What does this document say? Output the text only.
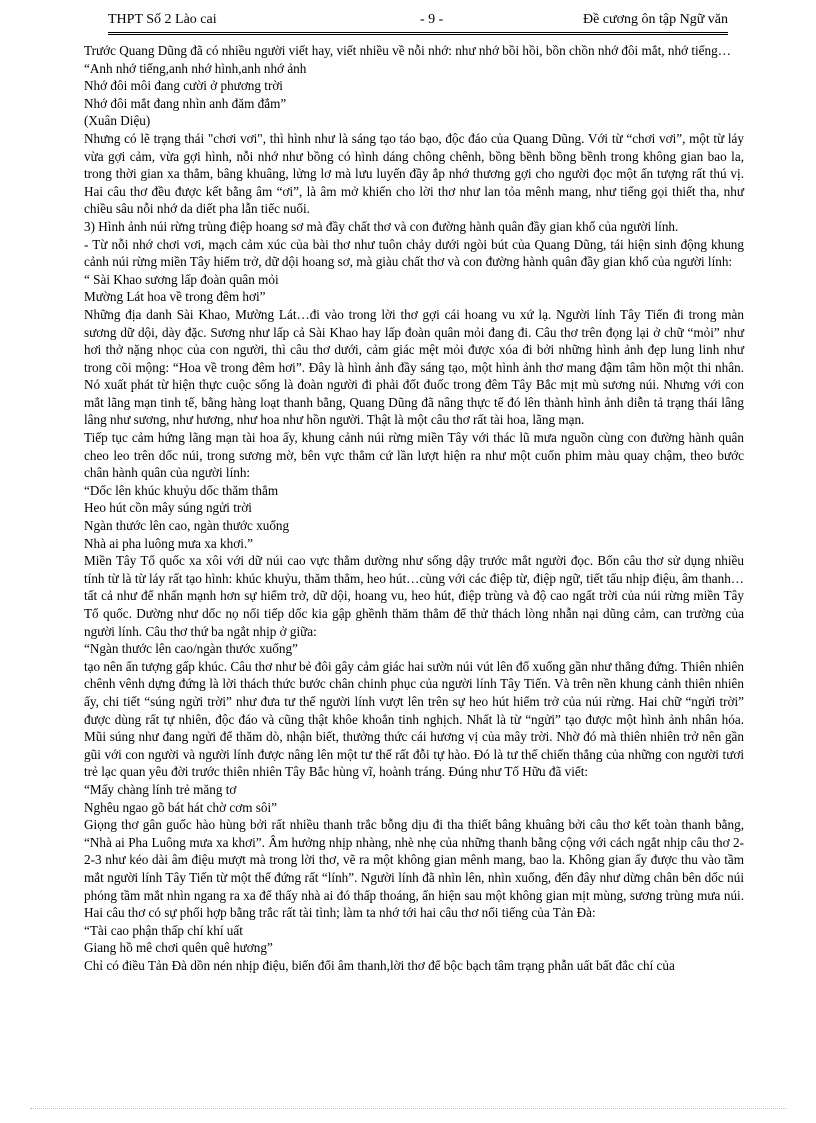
THPT Số 2 Lào cai	- 9 -	Đề cương ôn tập Ngữ văn

Trước Quang Dũng đã có nhiều người viết hay, viết nhiều về nỗi nhớ: như nhớ bồi hồi, bồn chồn nhớ đôi mắt, nhớ tiếng…

“Anh nhớ tiếng,anh nhớ hình,anh nhớ ảnh

Nhớ đôi môi đang cười ở phương trời

Nhớ đôi mắt đang nhìn anh đăm đắm”

(Xuân Diệu)

Nhưng có lẽ trạng thái "chơi vơi", thì hình như là sáng tạo táo bạo, độc đáo của Quang Dũng. Với từ “chơi vơi”, một từ láy vừa gợi cảm, vừa gợi hình, nỗi nhớ như bồng có hình dáng chông chênh, bồng bềnh bồng bềnh trong không gian bao la, trong thời gian xa thẳm, bâng khuâng, lửng lơ mà lưu luyến đầy ắp nhớ thương gợi cho người đọc một ấn tượng rất thú vị. Hai câu thơ đều được kết bằng âm “ơi”, là âm mở khiến cho lời thơ như lan tỏa mênh mang, như tiếng gọi thiết tha, như chiều sâu nỗi nhớ da diết pha lẫn tiếc nuối.

3) Hình ảnh núi rừng trùng điệp hoang sơ mà đầy chất thơ và con đường hành quân đầy gian khổ của người lính.

- Từ nỗi nhớ chơi vơi, mạch cảm xúc của bài thơ như tuôn chảy dưới ngòi bút của Quang Dũng, tái hiện sinh động khung cảnh núi rừng miền Tây hiểm trở, dữ dội hoang sơ, mà giàu chất thơ và con đường hành quân đầy gian khổ của người lính:

“ Sài Khao sương lấp đoàn quân mỏi

Mường Lát hoa về trong đêm hơi”

Những địa danh Sài Khao, Mường Lát…đi vào trong lời thơ gợi cái hoang vu xứ lạ. Người lính Tây Tiến đi trong màn sương dữ dội, dày đặc. Sương như lấp cả Sài Khao hay lấp đoàn quân mỏi đang đi. Câu thơ trên đọng lại ở chữ “mỏi” như hơi thở nặng nhọc của con người, thì câu thơ dưới, cảm giác mệt mỏi được xóa đi bởi những hình ảnh đẹp lung linh như trong cõi mộng: “Hoa về trong đêm hơi”. Đây là hình ảnh đầy sáng tạo, một hình ảnh thơ mang đậm tâm hồn một thi nhân. Nó xuất phát từ hiện thực cuộc sống là đoàn người đi phải đốt đuốc trong đêm Tây Bắc mịt mù sương núi. Nhưng với con mắt lãng mạn tinh tế, bằng hàng loạt thanh bằng, Quang Dũng đã nâng thực tế đó lên thành hình ảnh diễn tả trạng thái lâng lâng như sương, như hương, như hoa như hồn người. Thật là một câu thơ rất tài hoa, lãng mạn.

Tiếp tục cảm hứng lãng mạn tài hoa ấy, khung cảnh núi rừng miền Tây với thác lũ mưa nguồn cùng con đường hành quân cheo leo trên dốc núi, trong sương mờ, bên vực thẳm cứ lần lượt hiện ra như một cuốn phim màu quay chậm, theo bước chân hành quân của người lính:

“Dốc lên khúc khuỷu dốc thăm thẳm

Heo hút cồn mây súng ngửi trời

Ngàn thước lên cao, ngàn thước xuống

Nhà ai pha luông mưa xa khơi.”

Miền Tây Tổ quốc xa xôi với dữ núi cao vực thẳm dường như sống dậy trước mắt người đọc. Bốn câu thơ sử dụng nhiều tính từ là từ láy rất tạo hình: khúc khuỷu, thăm thẳm, heo hút…cùng với các điệp từ, điệp ngữ, tiết tấu nhịp điệu, âm thanh…tất cả như để nhấn mạnh hơn sự hiểm trở, dữ dội, hoang vu, heo hút, điệp trùng và độ cao ngất trời của núi rừng miền Tây Tổ quốc. Dường như dốc nọ nối tiếp dốc kia gập ghềnh thăm thẳm để thử thách lòng nhẫn nại dũng cảm, can trường của người lính. Câu thơ thứ ba ngắt nhịp ở giữa:

“Ngàn thước lên cao/ngàn thước xuống”

tạo nên ấn tượng gấp khúc. Câu thơ như bẻ đôi gây cảm giác hai sườn núi vút lên đổ xuống gần như thẳng đứng. Thiên nhiên chênh vênh dựng đứng là lời thách thức bước chân chinh phục của người lính Tây Tiến. Và trên nền khung cảnh thiên nhiên ấy, chi tiết “súng ngửi trời” như đưa tư thế người lính vượt lên trên sự heo hút hiểm trở của núi rừng. Hai chữ “ngửi trời” được dùng rất tự nhiên, độc đáo và cũng thật khôe khoắn tinh nghịch. Nhất là từ “ngửi” tạo được một hình ảnh nhân hóa. Mũi súng như đang ngửi để thăm dò, nhận biết, thưởng thức cái hương vị của mây trời. Nhờ đó mà thiên nhiên trở nên gần gũi với con người và người lính được nâng lên một tư thế rất đỗi tự hào. Đó là tư thế chiến thắng của những con người tươi trẻ lạc quan yêu đời trước thiên nhiên Tây Bắc hùng vĩ, hoành tráng. Đúng như Tố Hữu đã viết:

“Mấy chàng lính trẻ măng tơ

Nghêu ngao gõ bát hát chờ cơm sôi”

Giọng thơ gân guốc hào hùng bởi rất nhiều thanh trắc bỗng dịu đi tha thiết bâng khuâng bởi câu thơ kết toàn thanh bằng, “Nhà ai Pha Luông mưa xa khơi”. Âm hưởng nhịp nhàng, nhè nhẹ của những thanh bằng cộng với cách ngắt nhịp câu thơ 2-2-3 như kéo dài âm điệu mượt mà trong lời thơ, vẽ ra một không gian mênh mang, bao la. Không gian ấy được thu vào tầm mắt người lính Tây Tiến từ một thế đứng rất “lính”. Người lính đã nhìn lên, nhìn xuống, đến đây như dừng chân bên dốc núi phóng tầm mắt nhìn ngang ra xa để thấy nhà ai đó thấp thoáng, ẩn hiện sau một không gian mịt mùng, sương trùng mưa núi. Hai câu thơ có sự phối hợp bằng trắc rất tài tình; làm ta nhớ tới hai câu thơ nổi tiếng của Tản Đà:

“Tài cao phận thấp chí khí uất

Giang hồ mê chơi quên quê hương”

Chỉ có điều Tản Đà dồn nén nhịp điệu, biến đổi âm thanh,lời thơ để bộc bạch tâm trạng phẫn uất bất đắc chí của
